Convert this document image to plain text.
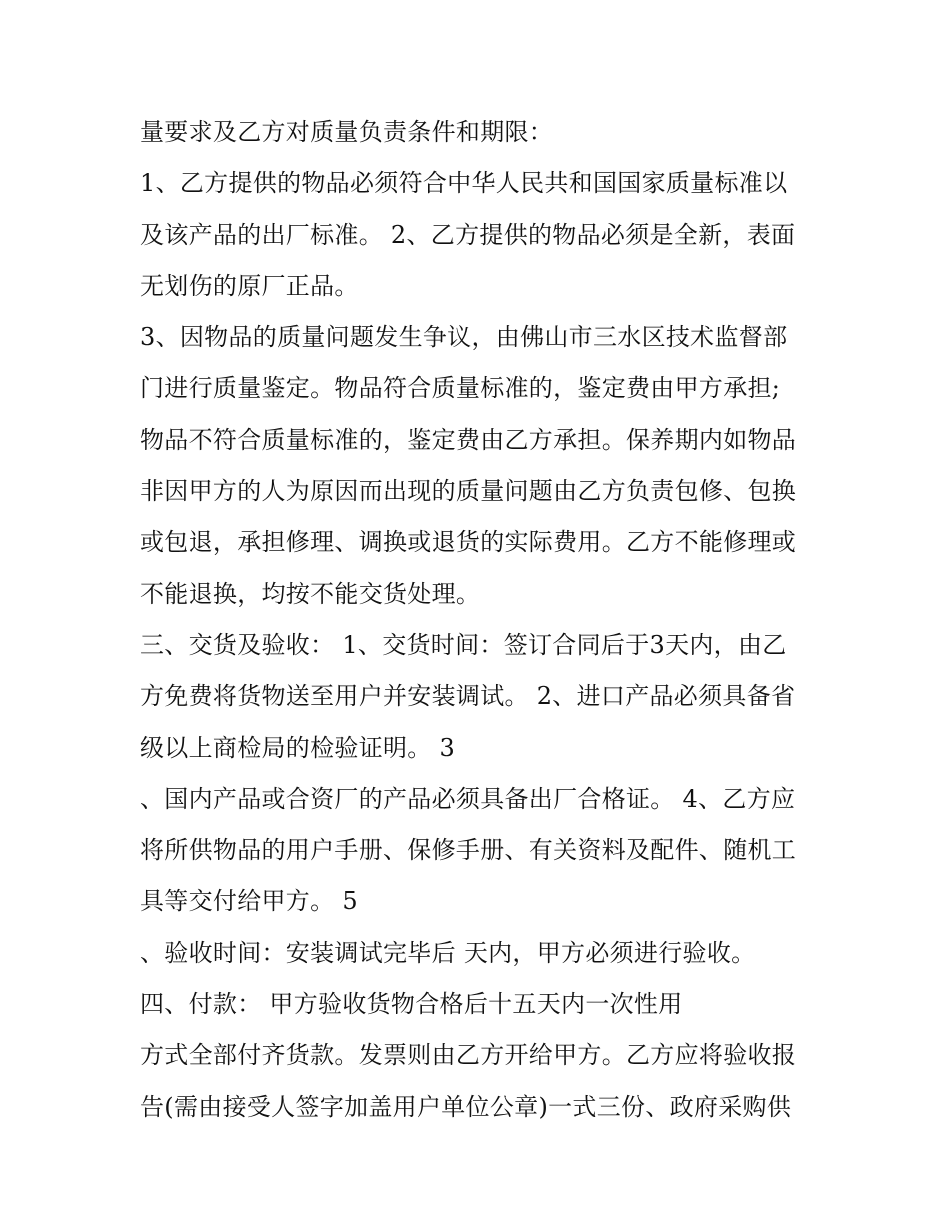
量要求及乙方对质量负责条件和期限：
1、乙方提供的物品必须符合中华人民共和国国家质量标准以
及该产品的出厂标准。 2、乙方提供的物品必须是全新，表面
无划伤的原厂正品。
3、因物品的质量问题发生争议，由佛山市三水区技术监督部
门进行质量鉴定。物品符合质量标准的，鉴定费由甲方承担;
物品不符合质量标准的，鉴定费由乙方承担。保养期内如物品
非因甲方的人为原因而出现的质量问题由乙方负责包修、包换
或包退，承担修理、调换或退货的实际费用。乙方不能修理或
不能退换，均按不能交货处理。
三、交货及验收： 1、交货时间：签订合同后于3天内，由乙
方免费将货物送至用户并安装调试。 2、进口产品必须具备省
级以上商检局的检验证明。 3
、国内产品或合资厂的产品必须具备出厂合格证。 4、乙方应
将所供物品的用户手册、保修手册、有关资料及配件、随机工
具等交付给甲方。 5
、验收时间：安装调试完毕后 天内，甲方必须进行验收。
四、付款： 甲方验收货物合格后十五天内一次性用
方式全部付齐货款。发票则由乙方开给甲方。乙方应将验收报
告(需由接受人签字加盖用户单位公章)一式三份、政府采购供
